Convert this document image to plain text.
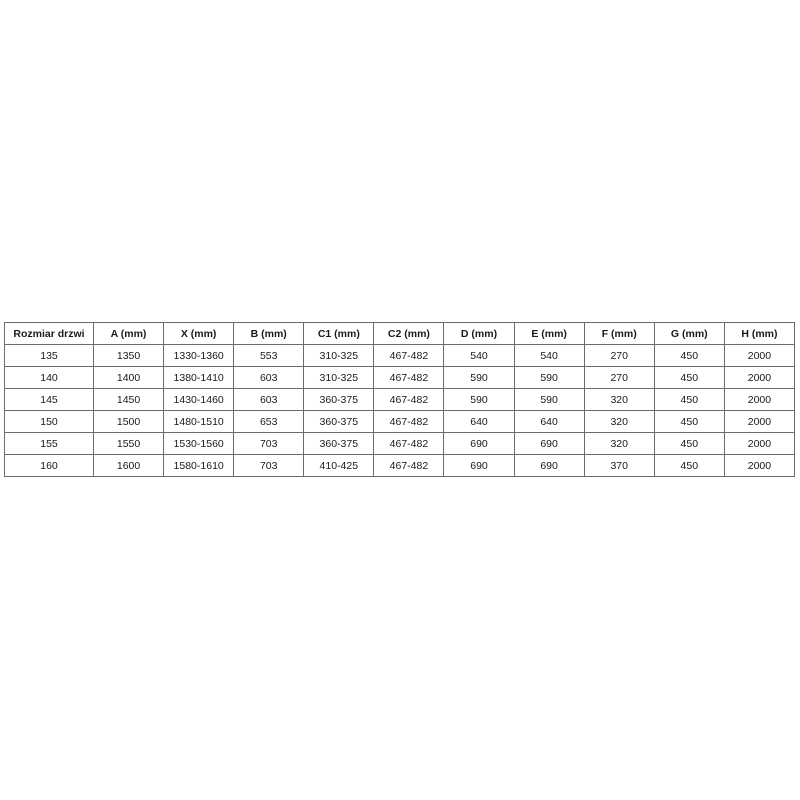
Rozmiar drzwi	A (mm)	X (mm)	B (mm)	C1 (mm)	C2 (mm)	D (mm)	E (mm)	F (mm)	G (mm)	H (mm)
135	1350	1330-1360	553	310-325	467-482	540	540	270	450	2000
140	1400	1380-1410	603	310-325	467-482	590	590	270	450	2000
145	1450	1430-1460	603	360-375	467-482	590	590	320	450	2000
150	1500	1480-1510	653	360-375	467-482	640	640	320	450	2000
155	1550	1530-1560	703	360-375	467-482	690	690	320	450	2000
160	1600	1580-1610	703	410-425	467-482	690	690	370	450	2000
